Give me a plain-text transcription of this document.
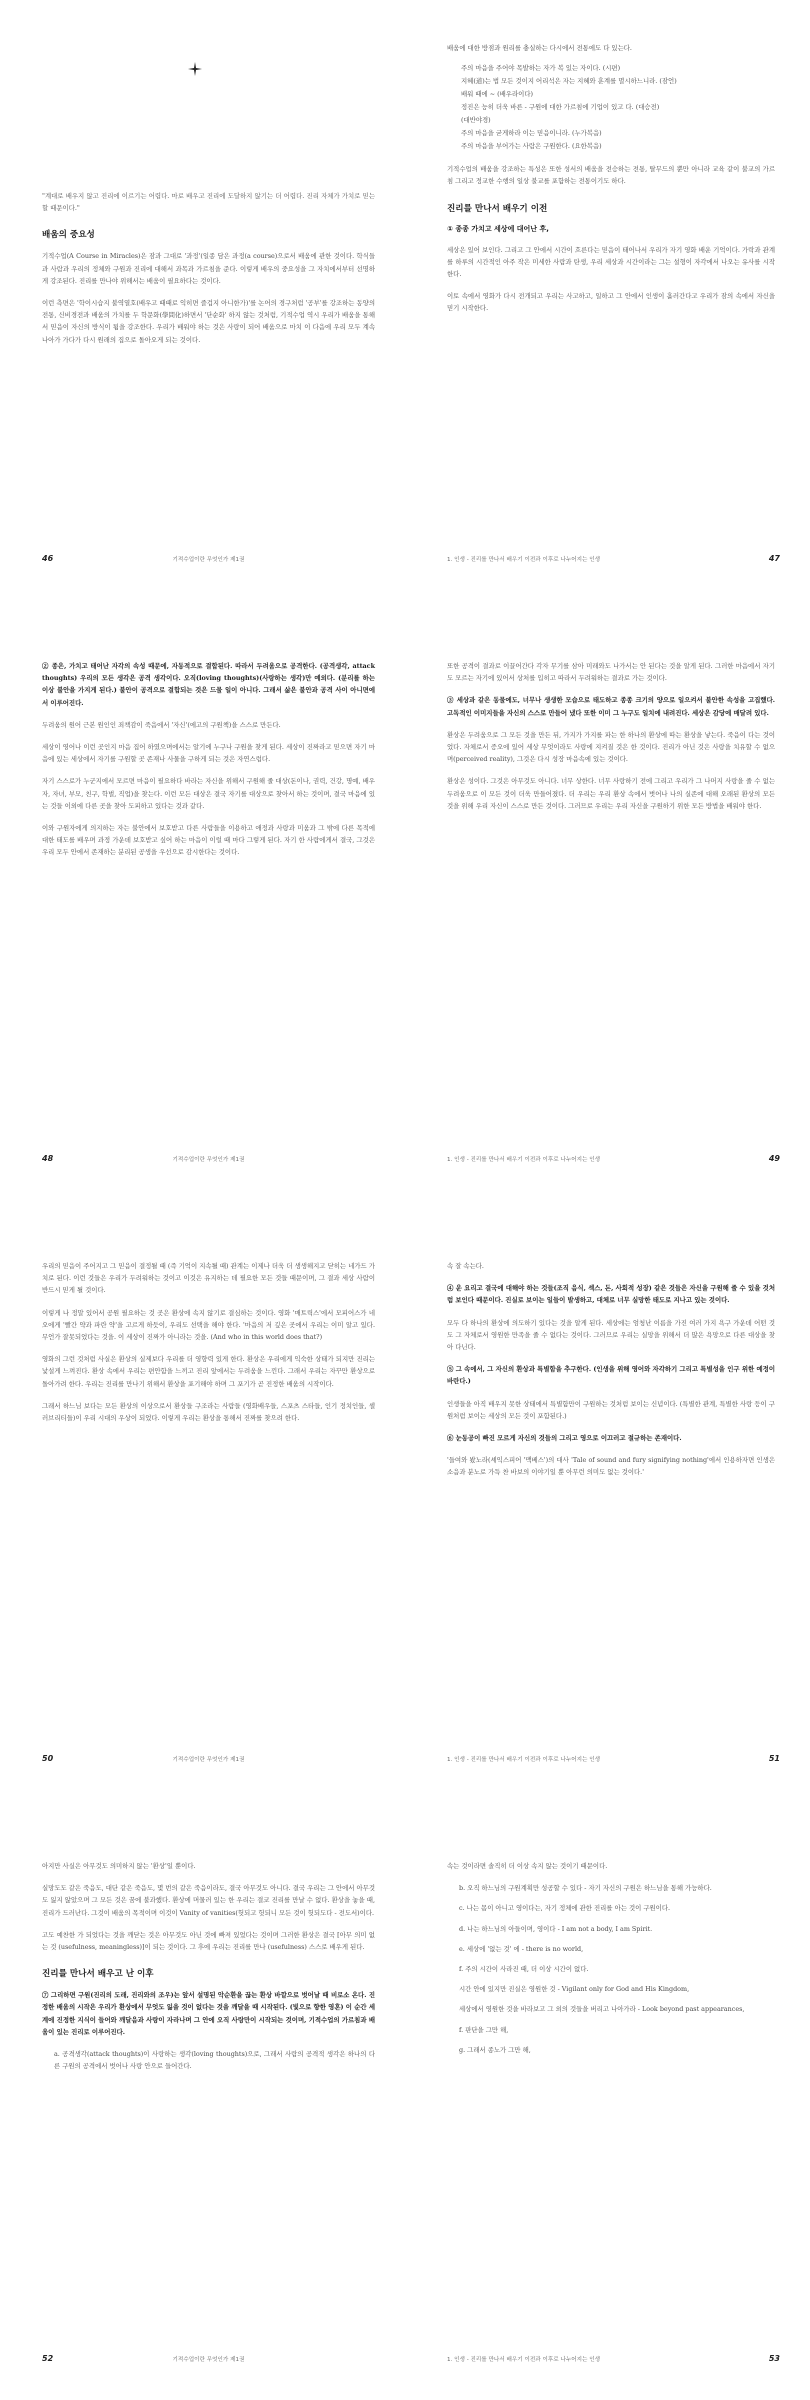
"계대로 배우지 않고 진리에 이르기는 어렵다. 마로 배우고 진리에 도달하지 않기는 더 어렵다. 진리 자체가 가치로 믿는 할 때문이다."

배움의 중요성

기적수업(A Course in Miracles)은 잠과 그대로 '과정'(일종 담은 과정(a course)으로서 배움에 관한 것이다. 학식들과 사람과 우리의 정체와 구원과 진리에 대해서 과목과 가르침을 준다. 이렇게 배우의 중요성을 그 자치에서부터 선명하게 강조된다. 진리를 만나야 위해서는 배움이 필요하다는 것이다.

이런 측면은 '학이시습지 불역열호(배우고 때때로 익히면 즐겁지 아니한가)'를 논어의 경구처럼 '공부'를 강조하는 동양의 전통, 신비경전과 배움의 가치를 두 학문화(學問化)하면서 '단순화' 하지 않는 것처럼, 기적수업 역시 우리가 배움을 통해서 믿음이 자신의 방식이 됨을 강조한다. 우리가 배워야 하는 것은 사랑이 되어 배움으로 마치 이 다음에 우리 모두 계속 나아가 가다가 다시 원래의 집으로 돌아오게 되는 것이다.

46	기적수업이란 무엇인가 제1권

배움에 대한 방점과 원리를 충실하는 다시에서 전통에도 다 있는다.

주의 마음을 주어야 목발하는 자가 복 있는 자이다. (시편)

지혜(道)는 법 모든 것이지 어리석은 자는 지혜와 훈계를 멸시하느니라. (잠언)

배워 때에 ~ (배우라이다)

정진은 능히 더욱 바른 - 구원에 대한 가르침에 기업이 있고 다. (대승전)

(대반야경)

주의 마음을 굳게하라 이는 믿음이니라. (누가복음)

주의 마음을 부어가는 사람은 구원한다. (요한복음)

기적수업의 배움을 강조하는 특성은 또한 성서의 배움을 전승하는 전통, 탈무드의 뿐만 아니라 교육 같이 불교의 가르침 그리고 정교한 수행의 일상 불교를 포함하는 전통이기도 하다.

진리를 만나서 배우기 이전
① 종종 가치고 세상에 대어난 후,

세상은 있어 보인다. 그리고 그 안에서 시간이 흐른다는 믿음이 태어나서 우리가 자기 영화 배운 기억이다. 가락과 관계를 하루의 시간적인 아주 작은 미세한 사람과 탄생, 우리 세상과 시간이라는 그는 설형이 자각에서 나오는 유사를 시작한다.

이토 속에서 영화가 다시 전개되고 우리는 사고하고, 일하고 그 안에서 인생이 흘러간다고 우리가 잠의 속에서 자신을 믿기 시작한다.

1. 인생 - 진리를 만나서 배우기 이전과 이후로 나누어지는 인생	47

② 종은, 가치고 태어난 자각의 속성 때문에, 자동적으로 결합된다. 따라서 두려움으로 공격한다. (공격생각, attack thoughts) 우리의 모든 생각은 공격 생각이다. 오직(loving thoughts)(사랑하는 생각)만 예외다. (분리를 하는 이상 불안을 가지게 된다.) 불안이 공격으로 결합되는 것은 드물 일이 아니다. 그래서 삶은 불안과 공격 사이 아니면에서 이루어진다.

두려움의 원어 근본 원인인 죄책감이 죽음에서 '자신'(에고의 구원책)을 스스로 만든다.

세상이 영어나 이런 곳인지 마음 집어 하였으며에서는 알기에 누구나 구원을 찾게 된다. 세상이 진짜라고 믿으면 자기 마음에 있는 세상에서 자기를 구원할 곳 존재나 사물을 구하게 되는 것은 자연스럽다.

자기 스스로가 누군지에서 모르면 마음이 필요하다 바라는 자신을 위해서 구원해 줄 대상(돈이나, 권력, 건강, 명예, 배우자, 자녀, 부모, 친구, 학벌, 직업)을 찾는다. 이런 모든 대상은 결국 자기를 대상으로 찾아서 하는 것이며, 결국 마음에 있는 것들 이외에 다른 곳을 찾아 도피하고 있다는 것과 같다.

이와 구원자에게 의지하는 자는 불안에서 보호받고 다른 사람들을 이용하고 애정과 사랑과 미움과 그 밖에 다른 목적에 대한 태도를 배우며 과정 가운데 보호받고 싶어 하는 마음이 이럴 때 마다 그렇게 된다. 자기 한 사람에게서 결국, 그것은 우리 모두 안에서 존재하는 분리된 공생을 우선으로 감시한다는 것이다.

48	기적수업이란 무엇인가 제1권

또한 공격이 결과로 이끌어간다 각자 무기를 삼아 미래와도 나가서는 안 된다는 것을 알게 된다. 그러한 마음에서 자기도 모르는 자기에 있어서 상처를 입히고 따라서 두려워하는 결과로 가는 것이다.

③ 세상과 같은 동물에도, 너무나 생생한 모습으로 태도하고 종종 크기의 양으로 일으켜서 불안한 속성을 고집했다. 고독적인 이미지들을 자신의 스스로 만들어 냈다 또한 이미 그 누구도 일치에 내려진다. 세상은 감당에 매달려 있다.

환상은 두려움으로 그 모든 것을 만든 뒤, 가지가 가지를 파는 한 하나의 환상에 따는 환상을 낳는다. 죽음이 다는 것이었다. 자체로서 증오에 있어 세상 무엇이라도 사랑에 지켜질 것은 한 것이다. 진리가 아닌 것은 사랑을 치유할 수 없으며(perceived reality), 그것은 다시 성장 마음속에 있는 것이다.

환상은 성이다. 그것은 아무것도 아니다. 너무 상한다. 너무 사랑하기 전에 그리고 우리가 그 나머지 사랑을 줄 수 없는 두려움으로 이 모든 것이 더욱 만들어졌다. 더 우리는 우리 환상 속에서 벗어나 나의 실존에 대해 오래된 환상의 모든 것을 위해 우리 자신이 스스로 만든 것이다. 그러므로 우리는 우리 자신을 구원하기 위한 모든 방법을 배워야 한다.

1. 인생 - 진리를 만나서 배우기 이전과 이후로 나누어지는 인생	49

우리의 믿음이 주어지고 그 믿음이 결정될 때 (즉 기억이 지속될 때) 관계는 이제나 더욱 더 생생해지고 닫히는 네가드 가치로 된다. 이런 것들은 우리가 두려워하는 것이고 이것은 유지하는 데 필요한 모든 것들 때문이며, 그 결과 세상 사람이 반드시 믿게 될 것이다.

이렇게 나 정말 있어서 공원 필요하는 것 곳은 환상에 속지 않기로 결심하는 것이다. 영화 '매트릭스'에서 모피어스가 네오에게 '빨간 약과 파란 약'을 고르게 하듯이, 우리도 선택을 해야 한다. '마음의 저 깊은 곳에서 우리는 이미 알고 있다. 무언가 잘못되었다는 것을. 이 세상이 진짜가 아니라는 것을. (And who in this world does that?)

영화의 그런 것처럼 사실은 환상의 실제보다 우리를 더 영향력 있게 한다. 환상은 우리에게 익숙한 상태가 되지만 진리는 낯설게 느껴진다. 환상 속에서 우리는 편안함을 느끼고 진리 앞에서는 두려움을 느낀다. 그래서 우리는 자꾸만 환상으로 돌아가려 한다. 우리는 진리를 만나기 위해서 환상을 포기해야 하며 그 포기가 곧 진정한 배움의 시작이다.

그래서 하느님 보다는 모든 환상의 이상으로서 환상들 구조라는 사람들 (영화배우들, 스포츠 스타들, 인기 정치인들, 셀러브리티들)이 우리 시대의 우상이 되었다. 이렇게 우리는 환상을 통해서 진짜를 찾으려 한다.

50	기적수업이란 무엇인가 제1권

속 잘 속는다.

④ 운 요리고 결국에 대해야 하는 것들(조직 음식, 섹스, 돈, 사회적 성장) 같은 것들은 자신을 구원해 줄 수 있을 것처럼 보인다 때문이다. 진실로 보이는 일들이 발생하고, 대체로 너무 실망한 태도로 지나고 있는 것이다.

모두 다 하나의 환상에 의도하기 있다는 것을 알게 된다. 세상에는 엄청난 이름을 가진 여러 가지 욕구 가운데 어떤 것도 그 자체로서 영원한 만족을 줄 수 없다는 것이다. 그러므로 우리는 실망을 위해서 더 많은 욕망으로 다른 대상을 찾아 다닌다.

⑤ 그 속에서, 그 자신의 환상과 특별함을 추구한다. (인생을 위해 영어와 자각하기 그리고 특별성을 인구 위한 예정이 바란다.)

인생들을 아직 배우지 못한 상태에서 특별함만이 구원하는 것처럼 보이는 신념이다. (특별한 관계, 특별한 사랑 등이 구원처럼 보이는 세상의 모든 것이 포함된다.)

⑥ 눈동공이 빠진 모르게 자신의 것들의 그리고 영으로 이끄러고 절규하는 존재이다.

'들여와 봤노라(셰익스피어 '맥베스')의 대사 'Tale of sound and fury signifying nothing'에서 인용하자면 인생은 소음과 분노로 가득 찬 바보의 이야기일 뿐 아무런 의미도 없는 것이다.'

1. 인생 - 진리를 만나서 배우기 이전과 이후로 나누어지는 인생	51

아지만 사실은 아무것도 의미하지 않는 '환상'일 뿐이다.

실망도도 같은 죽음도, 대단 같은 죽음도, 몇 번의 같은 죽음이라도, 결국 아무것도 아니다. 결국 우리는 그 안에서 아무것도 잃지 않았으며 그 모든 것은 꿈에 불과했다. 환상에 머물러 있는 한 우리는 결코 진리를 만날 수 없다. 환상을 놓을 때, 진리가 드러난다. 그것이 배움의 목적이며 이것이 Vanity of vanities(헛되고 헛되니 모든 것이 헛되도다 - 전도서)이다.

고도 예찬한 가 되었다는 것을 깨닫는 것은 아무것도 아닌 것에 빠져 있었다는 것이며 그러한 환상은 결국 [아무 의미 없는 것 (usefulness, meaningless)]이 되는 것이다. 그 후에 우리는 진리를 만나 (usefulness) 스스로 배우게 된다.

진리를 만나서 배우고 난 이후

⑦ 그리하면 구원(진리의 도래, 진리와의 조우)는 앞서 설명된 악순환을 끊는 환상 바깥으로 벗어날 때 비로소 온다. 진정한 배움의 시작은 우리가 환상에서 무엇도 잃을 것이 없다는 것을 깨달을 때 시작된다. (빛으로 향한 영혼) 이 순간 세계에 진정한 지식이 들어와 깨달음과 사랑이 자라나며 그 안에 오직 사랑만이 시작되는 것이며, 기적수업의 가르침과 배움이 있는 진리로 이루어진다.

a. 공격생각(attack thoughts)이 사랑하는 생각(loving thoughts)으로, 그래서 사람의 공격적 생각은 하나의 다른 구원의 공격에서 벗어나 사랑 안으로 들어간다.

52	기적수업이란 무엇인가 제1권

속는 것이라면 솔직히 더 이상 속지 않는 것이기 때문이다.

b. 오직 하느님의 구원계획만 성공할 수 있다 - 자기 자신의 구원은 하느님을 통해 가능하다.

c. 나는 몸이 아니고 영이다는, 자기 정체에 관한 진리를 아는 것이 구원이다.

d. 나는 하느님의 아들이며, 영이다 - I am not a body, I am Spirit.

e. 세상에 '없는 것' 에 - there is no world,

f. 주의 시간이 사라진 때, 더 이상 시간이 없다.

시간 안에 있지만 진실은 영원한 것 - Vigilant only for God and His Kingdom,

세상에서 영원한 것을 바라보고 그 외의 것들을 버리고 나아가라 - Look beyond past appearances,

f. 판단을 그만 해,

g. 그래서 종노가 그만 해,

1. 인생 - 진리를 만나서 배우기 이전과 이후로 나누어지는 인생	53
